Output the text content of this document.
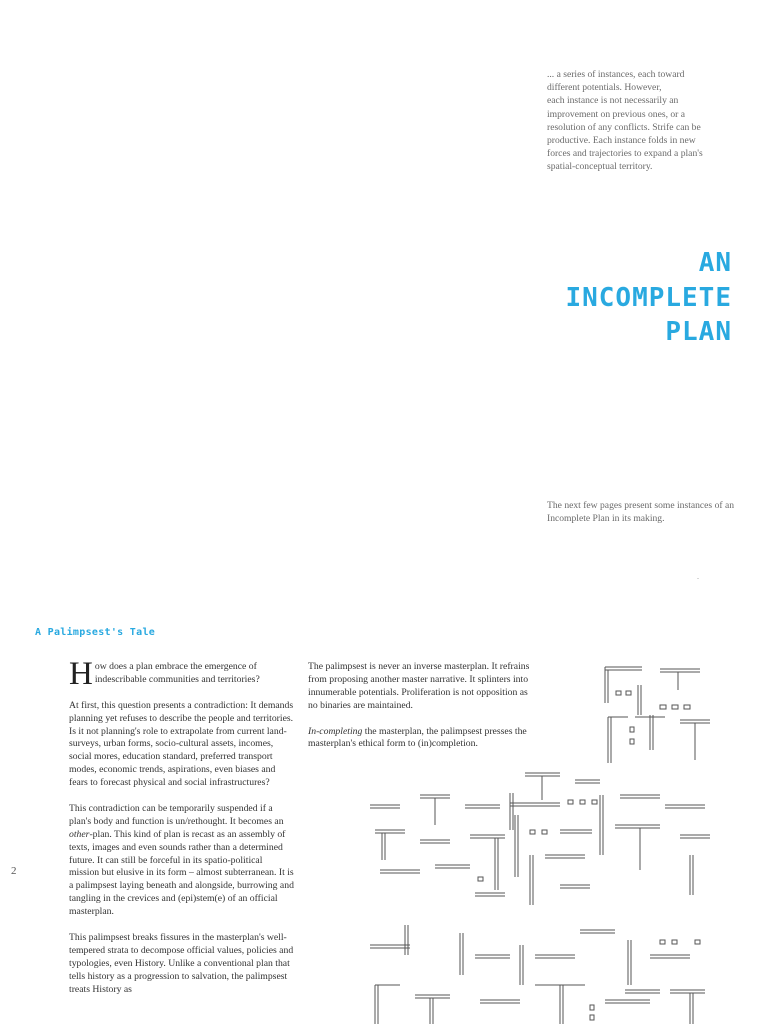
... a series of instances, each toward

different potentials. However,

each instance is not necessarily an

improvement on previous ones, or a

resolution of any conflicts. Strife can be

productive. Each instance folds in new

forces and trajectories to expand a plan's

spatial-conceptual territory.

AN
INCOMPLETE
PLAN
The next few pages present some instances of an Incomplete Plan in its making.
.
A Palimpsest's Tale

How does a plan embrace the emergence of indescribable communities and territories?

At first, this question presents a contradiction: It demands planning yet refuses to describe the people and territories. Is it not planning's role to extrapolate from current land-surveys, urban forms, socio-cultural assets, incomes, social mores, education standard, preferred transport modes, economic trends, aspirations, even biases and fears to forecast physical and social infrastructures?

This contradiction can be temporarily suspended if a plan's body and function is un/rethought. It becomes an other-plan. This kind of plan is recast as an assembly of texts, images and even sounds rather than a determined future. It can still be forceful in its spatio-political mission but elusive in its form – almost subterranean. It is a palimpsest laying beneath and alongside, burrowing and tangling in the crevices and (epi)stem(e) of an official masterplan.

This palimpsest breaks fissures in the masterplan's well-tempered strata to decompose official values, policies and typologies, even History. Unlike a conventional plan that tells history as a progression to salvation, the palimpsest treats History as

The palimpsest is never an inverse masterplan. It refrains from proposing another master narrative. It splinters into innumerable potentials. Proliferation is not opposition as no binaries are maintained.

In-completing the masterplan, the palimpsest presses the masterplan's ethical form to (in)completion.

2
